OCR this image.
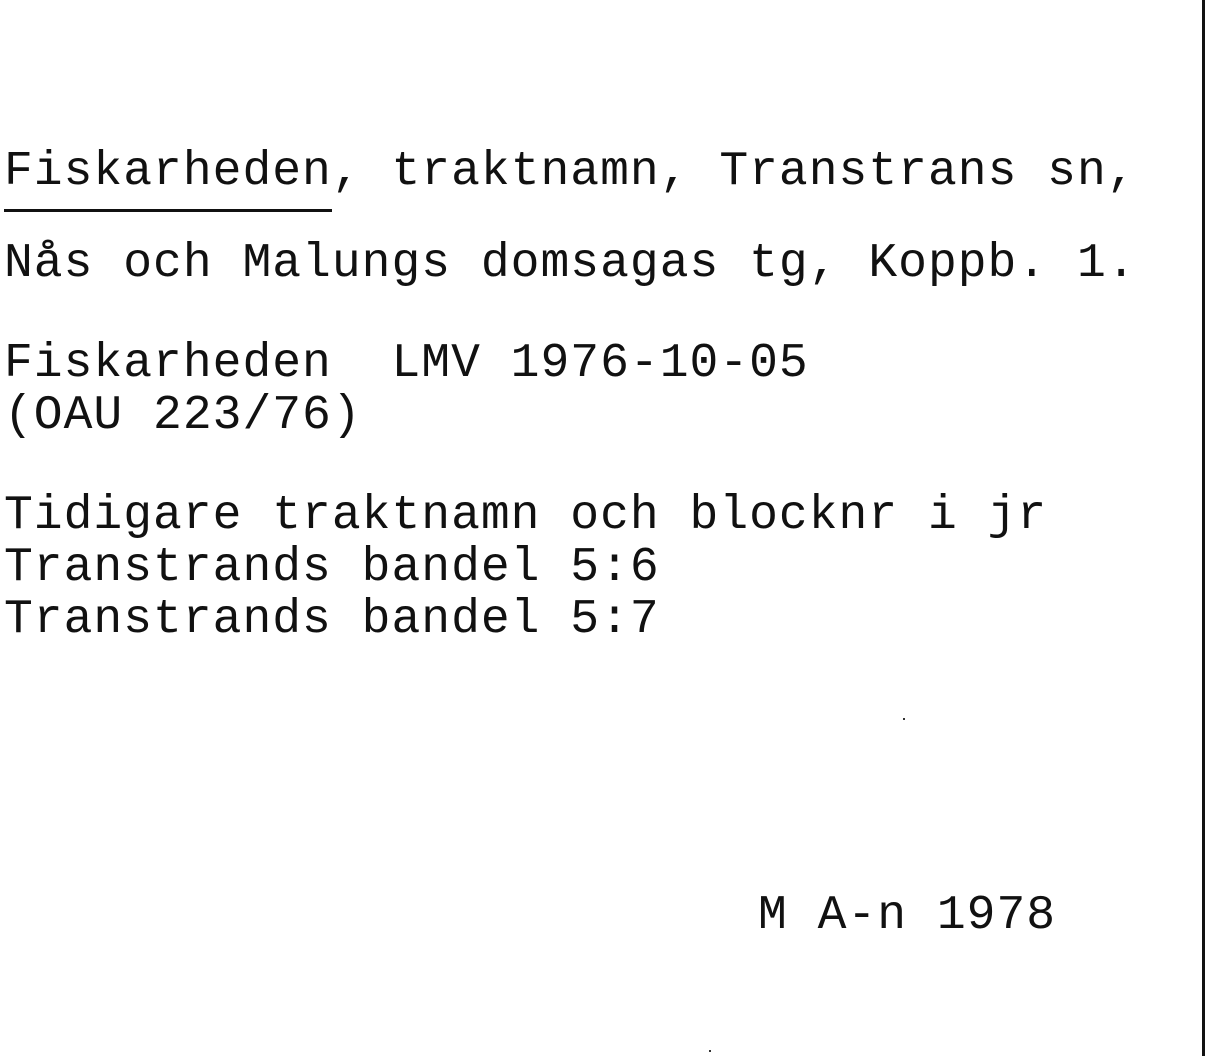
Fiskarheden
, traktnamn, Transtrans sn,
Nås och Malungs domsagas tg, Koppb. 1.
Fiskarheden  LMV 1976-10-05
(OAU 223/76)
Tidigare traktnamn och blocknr i jr
Transtrands bandel 5:6
Transtrands bandel 5:7
M A-n 1978
